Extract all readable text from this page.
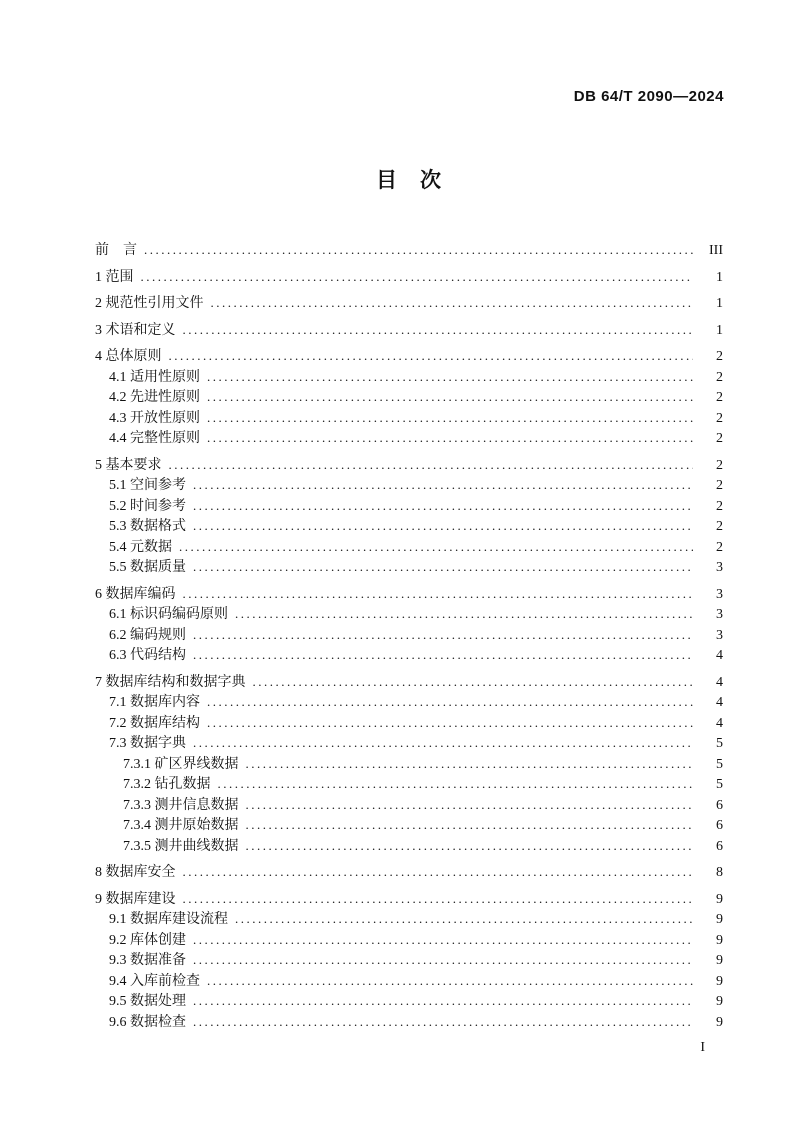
DB 64/T 2090—2024
目　次
前　言 .....	III
1 范围 .....	1
2 规范性引用文件 .....	1
3 术语和定义 .....	1
4 总体原则 .....	2
4.1 适用性原则 .....	2
4.2 先进性原则 .....	2
4.3 开放性原则 .....	2
4.4 完整性原则 .....	2
5 基本要求 .....	2
5.1 空间参考 .....	2
5.2 时间参考 .....	2
5.3 数据格式 .....	2
5.4 元数据 .....	2
5.5 数据质量 .....	3
6 数据库编码 .....	3
6.1 标识码编码原则 .....	3
6.2 编码规则 .....	3
6.3 代码结构 .....	4
7 数据库结构和数据字典 .....	4
7.1 数据库内容 .....	4
7.2 数据库结构 .....	4
7.3 数据字典 .....	5
7.3.1 矿区界线数据 .....	5
7.3.2 钻孔数据 .....	5
7.3.3 测井信息数据 .....	6
7.3.4 测井原始数据 .....	6
7.3.5 测井曲线数据 .....	6
8 数据库安全 .....	8
9 数据库建设 .....	9
9.1 数据库建设流程 .....	9
9.2 库体创建 .....	9
9.3 数据准备 .....	9
9.4 入库前检查 .....	9
9.5 数据处理 .....	9
9.6 数据检查 .....	9
I
